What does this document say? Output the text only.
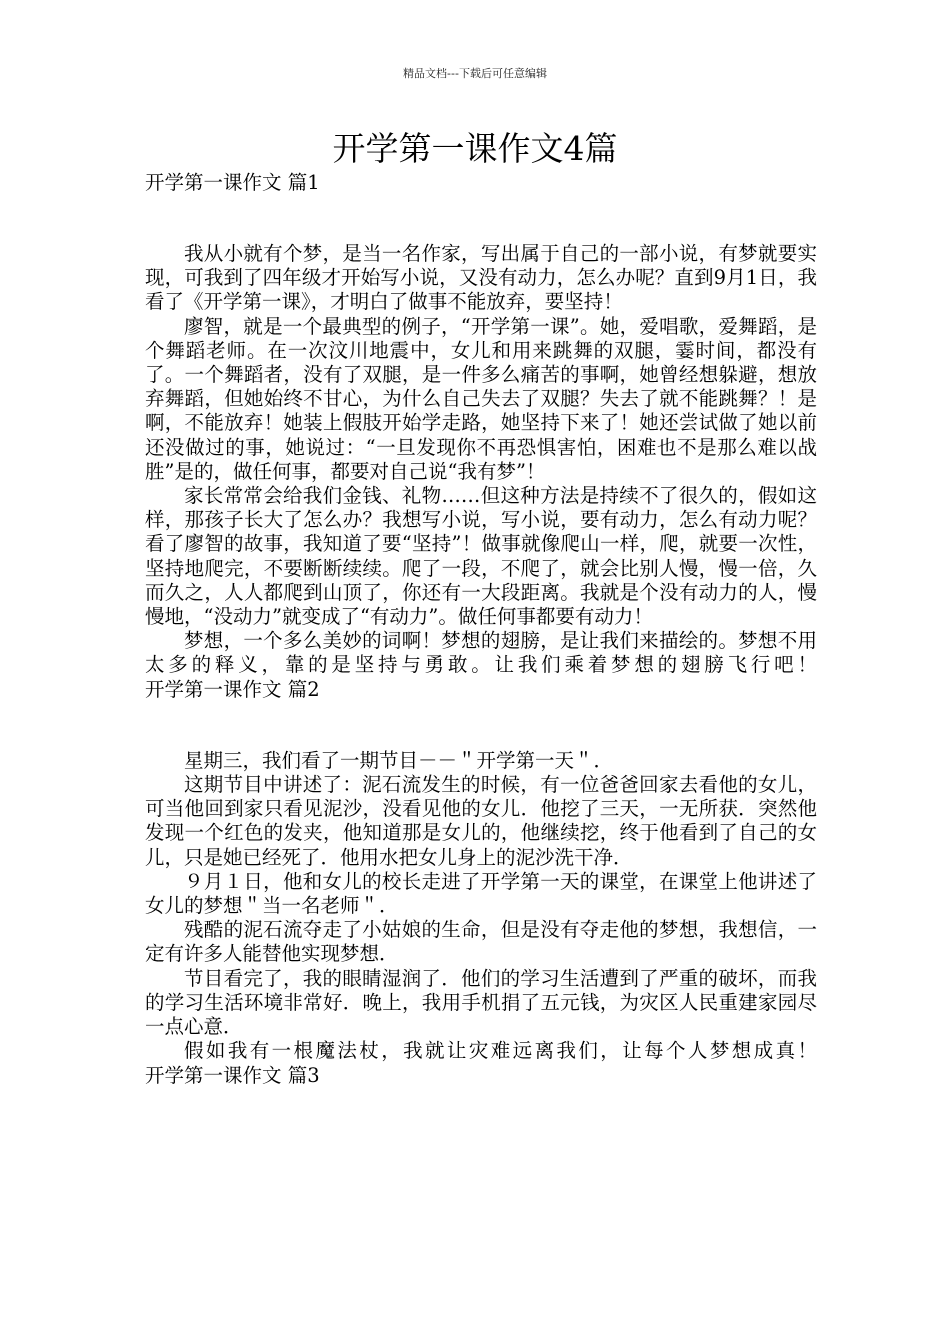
精品文档---下载后可任意编辑
开学第一课作文4篇
开学第一课作文 篇1

我从小就有个梦，是当一名作家，写出属于自己的一部小说，有梦就要实现，可我到了四年级才开始写小说，又没有动力，怎么办呢？直到9月1日，我看了《开学第一课》，才明白了做事不能放弃，要坚持！

廖智，就是一个最典型的例子，“开学第一课”。她，爱唱歌，爱舞蹈，是个舞蹈老师。在一次汶川地震中，女儿和用来跳舞的双腿，霎时间，都没有了。一个舞蹈者，没有了双腿，是一件多么痛苦的事啊，她曾经想躲避，想放弃舞蹈，但她始终不甘心，为什么自己失去了双腿？失去了就不能跳舞？！是啊，不能放弃！她装上假肢开始学走路，她坚持下来了！她还尝试做了她以前还没做过的事，她说过：“一旦发现你不再恐惧害怕，困难也不是那么难以战胜”是的，做任何事，都要对自己说“我有梦”！

家长常常会给我们金钱、礼物……但这种方法是持续不了很久的，假如这样，那孩子长大了怎么办？我想写小说，写小说，要有动力，怎么有动力呢？看了廖智的故事，我知道了要“坚持”！做事就像爬山一样，爬，就要一次性，坚持地爬完，不要断断续续。爬了一段，不爬了，就会比别人慢，慢一倍，久而久之，人人都爬到山顶了，你还有一大段距离。我就是个没有动力的人，慢慢地，“没动力”就变成了“有动力”。做任何事都要有动力！

梦想，一个多么美妙的词啊！梦想的翅膀，是让我们来描绘的。梦想不用太多的释义，靠的是坚持与勇敢。让我们乘着梦想的翅膀飞行吧！开学第一课作文 篇2

星期三，我们看了一期节目－－＂开学第一天＂．

这期节目中讲述了：泥石流发生的时候，有一位爸爸回家去看他的女儿，可当他回到家只看见泥沙，没看见他的女儿．他挖了三天，一无所获．突然他发现一个红色的发夹，他知道那是女儿的，他继续挖，终于他看到了自己的女儿，只是她已经死了．他用水把女儿身上的泥沙洗干净．

９月１日，他和女儿的校长走进了开学第一天的课堂，在课堂上他讲述了女儿的梦想＂当一名老师＂．

残酷的泥石流夺走了小姑娘的生命，但是没有夺走他的梦想，我想信，一定有许多人能替他实现梦想．

节目看完了，我的眼睛湿润了．他们的学习生活遭到了严重的破坏，而我的学习生活环境非常好．晚上，我用手机捐了五元钱，为灾区人民重建家园尽一点心意．

假如我有一根魔法杖，我就让灾难远离我们，让每个人梦想成真！开学第一课作文 篇3
